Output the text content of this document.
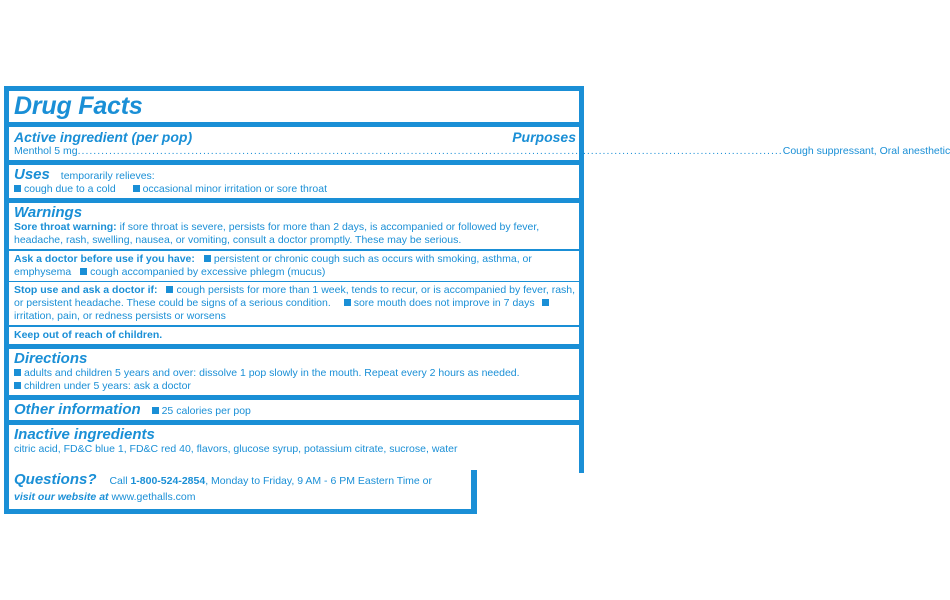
Drug Facts
Active ingredient (per pop)	Purposes
Menthol 5 mg .................................................................................................................................................................................... Cough suppressant, Oral anesthetic
Uses temporarily relieves:

cough due to a cold	occasional minor irritation or sore throat

Warnings

Sore throat warning: if sore throat is severe, persists for more than 2 days, is accompanied or followed by fever, headache, rash, swelling, nausea, or vomiting, consult a doctor promptly. These may be serious.

Ask a doctor before use if you have: persistent or chronic cough such as occurs with smoking, asthma, or emphysema cough accompanied by excessive phlegm (mucus)

Stop use and ask a doctor if: cough persists for more than 1 week, tends to recur, or is accompanied by fever, rash, or persistent headache. These could be signs of a serious condition. sore mouth does not improve in 7 days irritation, pain, or redness persists or worsens

Keep out of reach of children.

Directions

adults and children 5 years and over: dissolve 1 pop slowly in the mouth. Repeat every 2 hours as needed.

children under 5 years: ask a doctor

Other information 25 calories per pop
Inactive ingredients

citric acid, FD&C blue 1, FD&C red 40, flavors, glucose syrup, potassium citrate, sucrose, water

Questions? Call 1-800-524-2854, Monday to Friday, 9 AM - 6 PM Eastern Time or

visit our website at www.gethalls.com
